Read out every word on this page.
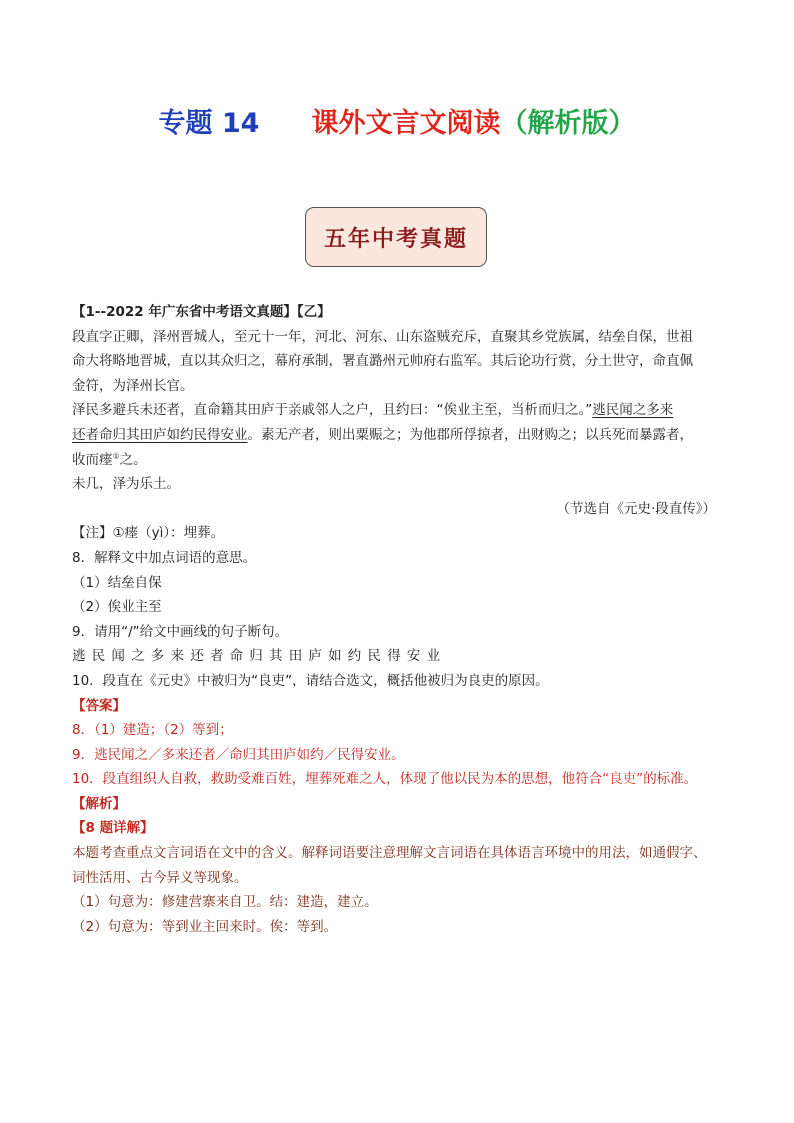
专题 14 课外文言文阅读（解析版）
五年中考真题

【1--2022 年广东省中考语文真题】【乙】

段直字正卿，泽州晋城人，至元十一年，河北、河东、山东盗贼充斥，直聚其乡党族属，结垒自保，世祖

命大将略地晋城，直以其众归之，幕府承制，署直潞州元帅府右监军。其后论功行赏，分土世守，命直佩

金符，为泽州长官。

泽民多避兵未还者，直命籍其田庐于亲戚邻人之户，且约曰：“俟业主至，当析而归之。”逃民闻之多来

还者命归其田庐如约民得安业。素无产者，则出粟赈之；为他郡所俘掠者，出财购之；以兵死而暴露者，

收而瘗①之。

未几，泽为乐土。

（节选自《元史·段直传》）

【注】①瘗（yì）：埋葬。

8．解释文中加点词语的意思。

（1）结垒自保

（2）俟业主至

9．请用“/”给文中画线的句子断句。

逃民闻之多来还者命归其田庐如约民得安业

10．段直在《元史》中被归为“良吏”，请结合选文，概括他被归为良吏的原因。

【答案】

8．（1）建造；（2）等到；

9．逃民闻之／多来还者／命归其田庐如约／民得安业。

10．段直组织人自救，救助受难百姓，埋葬死难之人，体现了他以民为本的思想，他符合“良吏”的标准。

【解析】

【8 题详解】

本题考查重点文言词语在文中的含义。解释词语要注意理解文言词语在具体语言环境中的用法，如通假字、

词性活用、古今异义等现象。

（1）句意为：修建营寨来自卫。结：建造，建立。

（2）句意为：等到业主回来时。俟：等到。
